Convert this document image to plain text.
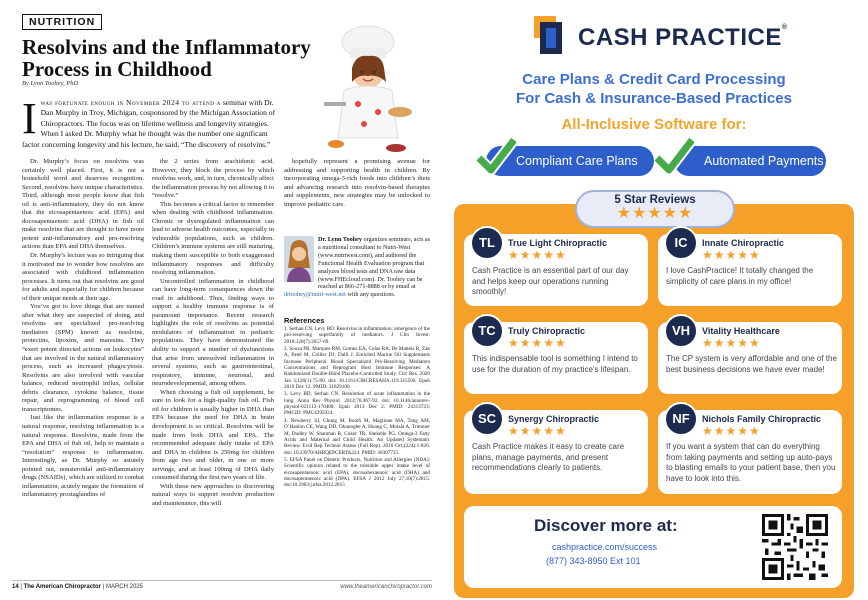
NUTRITION
Resolvins and the Inflammatory Process in Childhood
By Lynn Toohey, PhD
I was fortunate enough in November 2024 to attend a seminar with Dr. Dan Murphy in Troy, Michigan, cosponsored by the Michigan Association of Chiropractors. The focus was on lifetime wellness and longevity strategies. When I asked Dr. Murphy what he thought was the number one significant factor concerning longevity and his lecture, he said, “The discovery of resolvins.”

Dr. Murphy’s focus on resolvins was certainly well placed. First, it is not a household word and deserves recognition. Second, resolvins have unique characteristics. Third, although most people know that fish oil is anti-inflammatory, they do not know that the eicosapentaenoic acid (EPA) and docosapentaenoic acid (DHA) in fish oil make resolvins that are thought to have more potent anti-inflammatory and pro-resolving actions than EPA and DHA themselves.

Dr. Murphy’s lecture was so intriguing that it motivated me to wonder how resolvins are associated with childhood inflammation processes. It turns out that resolvins are good for adults and especially for children because of their unique needs at their age.

You’ve got to love things that are named after what they are suspected of doing, and resolvins are specialized pro-resolving mediators (SPM) known as resolvins, protectins, lipoxins, and maresins. They “exert potent directed actions on leukocytes” that are involved in the natural inflammatory process, such as increased phagocytosis. Resolvins are also involved with vascular balance, reduced neutrophil influx, cellular debris clearance, cytokine balance, tissue repair, and reprogramming of blood cell transcriptomes.

Just like the inflammation response is a natural response, resolving inflammation is a natural response. Resolvins, made from the EPA and DHA of fish oil, help to maintain a “resolution” response to inflammation. Interestingly, as Dr. Murphy so astutely pointed out, nonsteroidal anti-inflammatory drugs (NSAIDs), which are utilized to combat inflammation, acutely negate the formation of inflammatory prostaglandins of

the 2 series from arachidonic acid. However, they block the process by which resolvins work, and, in turn, chronically affect the inflammation process by not allowing it to “resolve.”

This becomes a critical factor to remember when dealing with childhood inflammation. Chronic or dysregulated inflammation can lead to adverse health outcomes, especially in vulnerable populations, such as children. Children’s immune systems are still maturing, making them susceptible to both exaggerated inflammatory responses and difficulty resolving inflammation.

Uncontrolled inflammation in childhood can have long-term consequences down the road in adulthood. Thus, finding ways to support a healthy immune response is of paramount importance. Recent research highlights the role of resolvins as potential modulators of inflammation in pediatric populations. They have demonstrated the ability to support a number of dysfunctions that arise from unresolved inflammation in several systems, such as gastrointestinal, respiratory, immune, neuronal, and neurodevelopmental, among others.

When choosing a fish oil supplement, be sure to look for a high-quality fish oil. Fish oil for children is usually higher in DHA than EPA because the need for DHA in brain development is so critical. Resolvins will be made from both DHA and EPA. The recommended adequate daily intake of EPA and DHA in children is 250mg for children from age two and older, in one or more servings, and at least 100mg of DHA daily consumed during the first two years of life.

With these new approaches to discovering natural ways to support resolvin production and maintenance, this will

hopefully represent a promising avenue for addressing and supporting health in children. By incorporating omega-3-rich foods into children’s diets and advancing research into resolvin-based therapies and supplements, new strategies may be unlocked to improve pediatric care.

Dr. Lynn Toohey organizes seminars, acts as a nutritional consultant to Nutri-West (www.nutriwest.com), and authored the Functional Health Evaluation program that analyzes blood tests and DNA raw data (www.FHEcloud.com). Dr. Toohey can be reached at 866-271-8888 or by email at drtoohey@nutri-west.net with any questions.
References
1. Serhan CN, Levy BD. Resolvins in inflammation: emergence of the pro-resolving superfamily of mediators. J Clin Invest. 2018;128(7):2657-69.
2. Souza PR, Marques RM, Gomez EA, Colas RA, De Matteis R, Zak A, Patel M, Collier DJ, Dalli J. Enriched Marine Oil Supplements Increase Peripheral Blood Specialized Pro-Resolving Mediators Concentrations and Reprogram Host Immune Responses: A Randomized Double-Blind Placebo-Controlled Study. Circ Res. 2020 Jan 3;126(1):75-90. doi: 10.1161/CIRCRESAHA.119.315506. Epub 2019 Dec 12. PMID: 31829100.
3. Levy BD, Serhan CN. Resolution of acute inflammation in the lung. Annu Rev Physiol. 2014;76:467-92. doi: 10.1146/annurev-physiol-021113-170408. Epub 2013 Dec 2. PMID: 24313723; PMCID: PMC4295924.
4. Newberry SJ, Chung M, Booth M, Maglione MA, Tang AM, O’Hanlon CE, Wang DD, Okunogbe A, Huang C, Motala A, Trimmer M, Dudley W, Shanman R, Coker TR, Shekelle PG. Omega-3 Fatty Acids and Maternal and Child Health: An Updated Systematic Review. Evid Rep Technol Assess (Full Rep). 2016 Oct;(224):1-826. doi: 10.23970/AHRQEPCERTA224. PMID: 30307735.
5. EFSA Panel on Dietetic Products, Nutrition and Allergies (NDA): Scientific opinion related to the tolerable upper intake level of eicosapentaenoic acid (EPA), docosahexaenoic acid (DHA) and docosapentaenoic acid (DPA). EFSA J 2012 July 27;10(7):2815. doi:10.2903/j.efsa.2012.2815
14 | The American Chiropractor | MARCH 2025	www.theamericanchiropractor.com
CASH PRACTICE®
Care Plans & Credit Card Processing
For Cash & Insurance-Based Practices
All-Inclusive Software for:
Compliant Care Plans	Automated Payments
5 Star Reviews
★★★★★
TL	True Light Chiropractic
★★★★★
Cash Practice is an essential part of our day and helps keep our operations running smoothly!
IC	Innate Chiropractic
★★★★★
I love CashPractice! It totally changed the simplicity of care plans in my office!
TC	Truly Chiropractic
★★★★★
This indispensable tool is something I intend to use for the duration of my practice's lifespan.
VH	Vitality Healthcare
★★★★★
The CP system is very affordable and one of the best business decisions we have ever made!
SC	Synergy Chiropractic
★★★★★
Cash Practice makes it easy to create care plans, manage payments, and present recommendations clearly to patients.
NF	Nichols Family Chiropractic
★★★★★
If you want a system that can do everything from taking payments and setting up auto-pays to blasting emails to your patient base, then you have to look into this.
Discover more at:
cashpractice.com/success
(877) 343-8950 Ext 101
